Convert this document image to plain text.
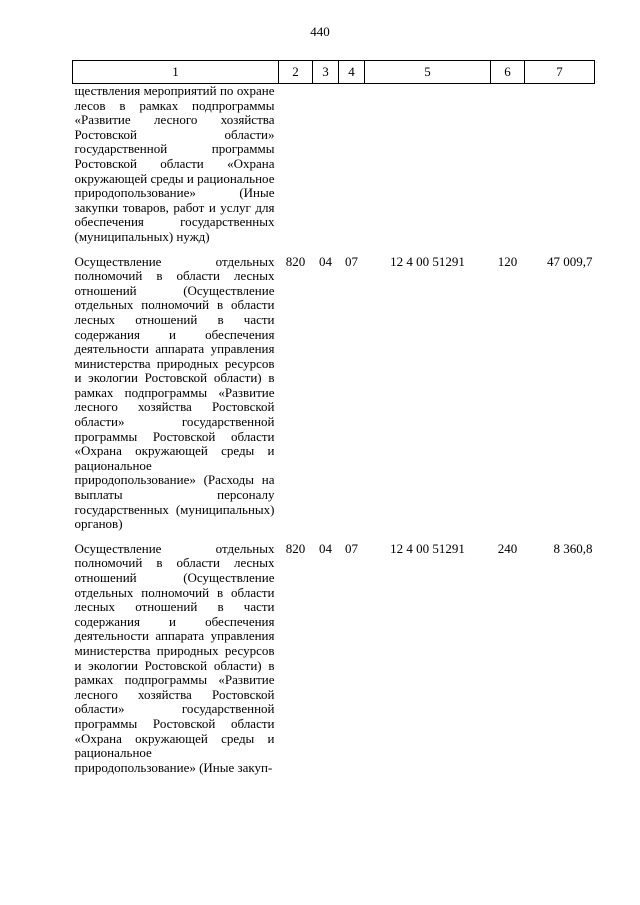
440
1	2	3	4	5	6	7
ществления мероприятий по охране лесов в рамках подпрограммы «Развитие лесного хозяйства Ростовской области» государственной программы Ростовской области «Охрана окружающей среды и рациональное природопользование» (Иные закупки товаров, работ и услуг для обеспечения государственных (муниципальных) нужд)						
Осуществление отдельных полномочий в области лесных отношений (Осуществление отдельных полномочий в области лесных отношений в части содержания и обеспечения деятельности аппарата управления министерства природных ресурсов и экологии Ростовской области) в рамках подпрограммы «Развитие лесного хозяйства Ростовской области» государственной программы Ростовской области «Охрана окружающей среды и рациональное природопользование» (Расходы на выплаты персоналу государственных (муниципальных) органов)	820	04	07	12 4 00 51291	120	47 009,7
Осуществление отдельных полномочий в области лесных отношений (Осуществление отдельных полномочий в области лесных отношений в части содержания и обеспечения деятельности аппарата управления министерства природных ресурсов и экологии Ростовской области) в рамках подпрограммы «Развитие лесного хозяйства Ростовской области» государственной программы Ростовской области «Охрана окружающей среды и рациональное природопользование» (Иные закуп-	820	04	07	12 4 00 51291	240	8 360,8
